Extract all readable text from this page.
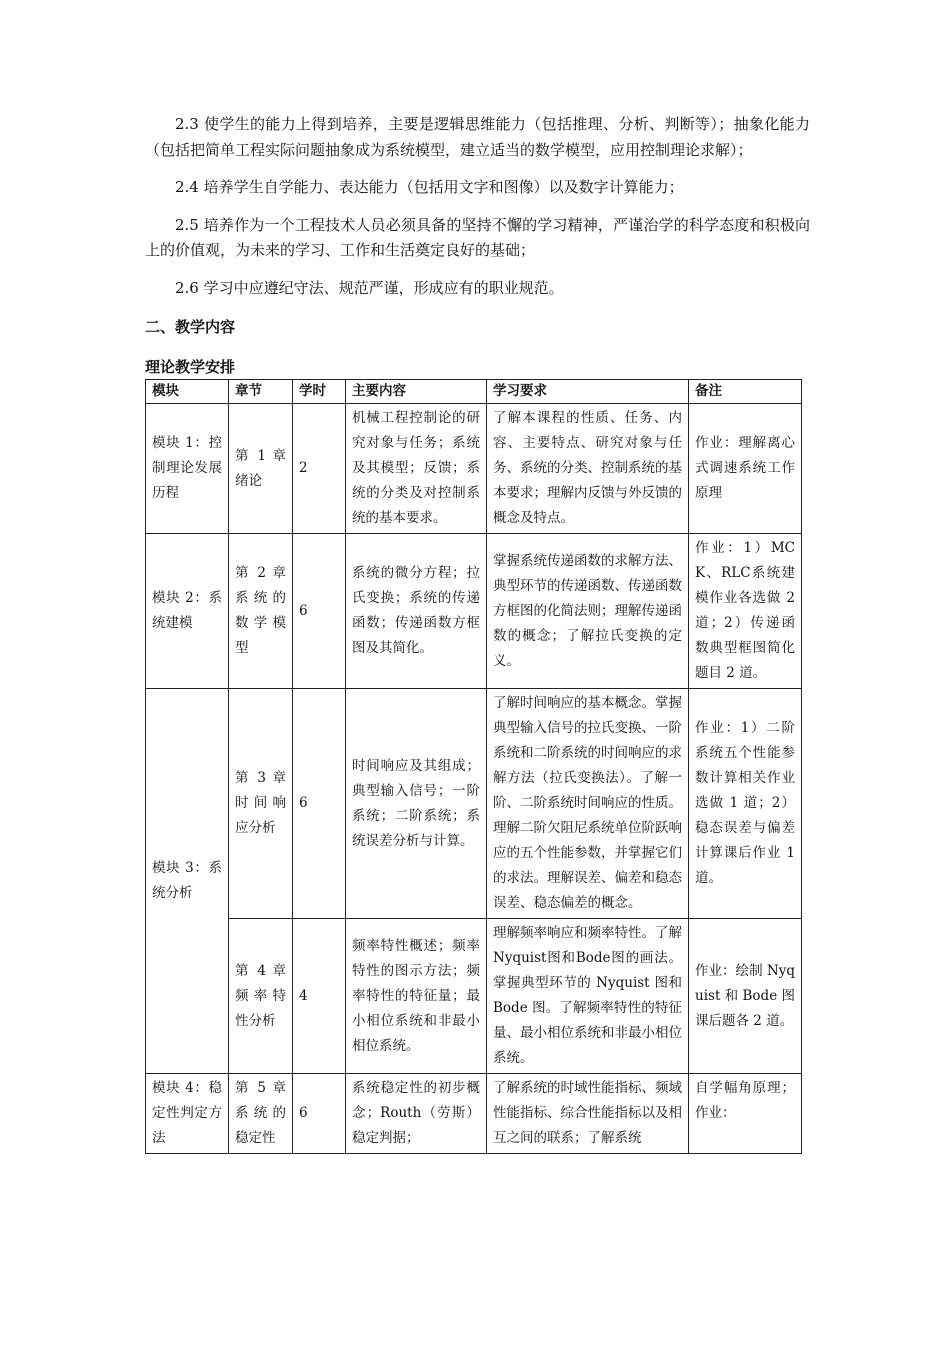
2.3 使学生的能力上得到培养，主要是逻辑思维能力（包括推理、分析、判断等）；抽象化能力（包括把简单工程实际问题抽象成为系统模型，建立适当的数学模型，应用控制理论求解）；

2.4 培养学生自学能力、表达能力（包括用文字和图像）以及数字计算能力；

2.5 培养作为一个工程技术人员必须具备的坚持不懈的学习精神，严谨治学的科学态度和积极向上的价值观，为未来的学习、工作和生活奠定良好的基础；

2.6 学习中应遵纪守法、规范严谨，形成应有的职业规范。

二、教学内容

理论教学安排

模块	章节	学时	主要内容	学习要求	备注
模块 1：控制理论发展历程	第 1 章绪论	2	机械工程控制论的研究对象与任务；系统及其模型；反馈；系统的分类及对控制系统的基本要求。	了解本课程的性质、任务、内容、主要特点、研究对象与任务、系统的分类、控制系统的基本要求；理解内反馈与外反馈的概念及特点。	作业：理解离心式调速系统工作原理
模块 2：系统建模	第 2 章系统的数学模型	6	系统的微分方程；拉氏变换；系统的传递函数；传递函数方框图及其简化。	掌握系统传递函数的求解方法、典型环节的传递函数、传递函数方框图的化简法则；理解传递函数的概念；了解拉氏变换的定义。	作业：1）MCK、RLC系统建模作业各选做 2 道；2）传递函数典型框图简化题目 2 道。
模块 3：系统分析	第 3 章时间响应分析	6	时间响应及其组成；典型输入信号；一阶系统；二阶系统；系统误差分析与计算。	了解时间响应的基本概念。掌握典型输入信号的拉氏变换、一阶系统和二阶系统的时间响应的求解方法（拉氏变换法）。了解一阶、二阶系统时间响应的性质。理解二阶欠阻尼系统单位阶跃响应的五个性能参数，并掌握它们的求法。理解误差、偏差和稳态误差、稳态偏差的概念。	作业：1）二阶系统五个性能参数计算相关作业选做 1 道；2）稳态误差与偏差计算课后作业 1 道。
	第 4 章频率特性分析	4	频率特性概述；频率特性的图示方法；频率特性的特征量；最小相位系统和非最小相位系统。	理解频率响应和频率特性。了解Nyquist图和Bode图的画法。掌握典型环节的 Nyquist 图和 Bode 图。了解频率特性的特征量、最小相位系统和非最小相位系统。	作业：绘制 Nyquist 和 Bode 图课后题各 2 道。
模块 4：稳定性判定方法	第 5 章系统的稳定性	6	系统稳定性的初步概念；Routh（劳斯）稳定判据；	了解系统的时域性能指标、频域性能指标、综合性能指标以及相互之间的联系；了解系统	自学幅角原理；作业：
